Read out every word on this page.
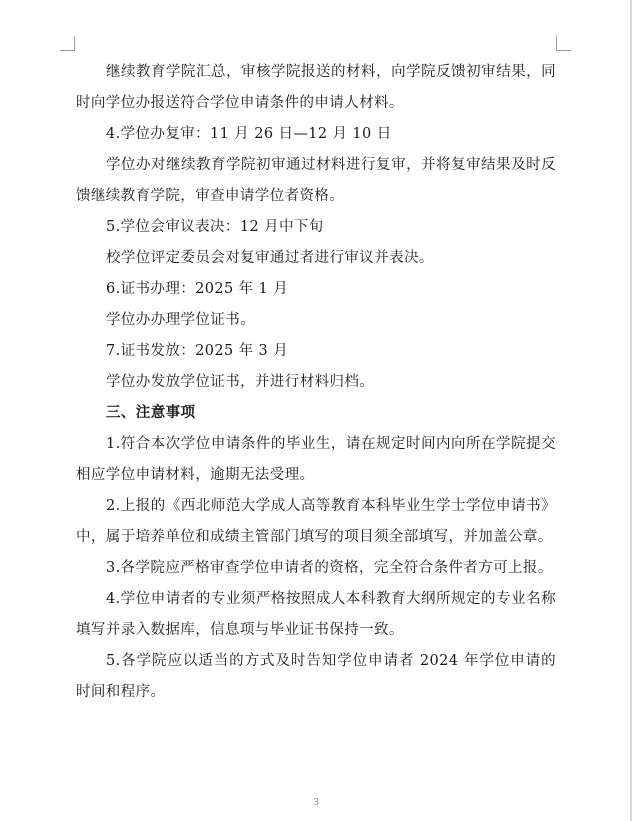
继续教育学院汇总，审核学院报送的材料，向学院反馈初审结果，同时向学位办报送符合学位申请条件的申请人材料。

4.学位办复审：11 月 26 日—12 月 10 日

学位办对继续教育学院初审通过材料进行复审，并将复审结果及时反馈继续教育学院，审查申请学位者资格。

5.学位会审议表决：12 月中下旬

校学位评定委员会对复审通过者进行审议并表决。

6.证书办理：2025 年 1 月

学位办办理学位证书。

7.证书发放：2025 年 3 月

学位办发放学位证书，并进行材料归档。

三、注意事项

1.符合本次学位申请条件的毕业生，请在规定时间内向所在学院提交相应学位申请材料，逾期无法受理。

2.上报的《西北师范大学成人高等教育本科毕业生学士学位申请书》中，属于培养单位和成绩主管部门填写的项目须全部填写，并加盖公章。

3.各学院应严格审查学位申请者的资格，完全符合条件者方可上报。

4.学位申请者的专业须严格按照成人本科教育大纲所规定的专业名称填写并录入数据库，信息项与毕业证书保持一致。

5.各学院应以适当的方式及时告知学位申请者 2024 年学位申请的时间和程序。

3
